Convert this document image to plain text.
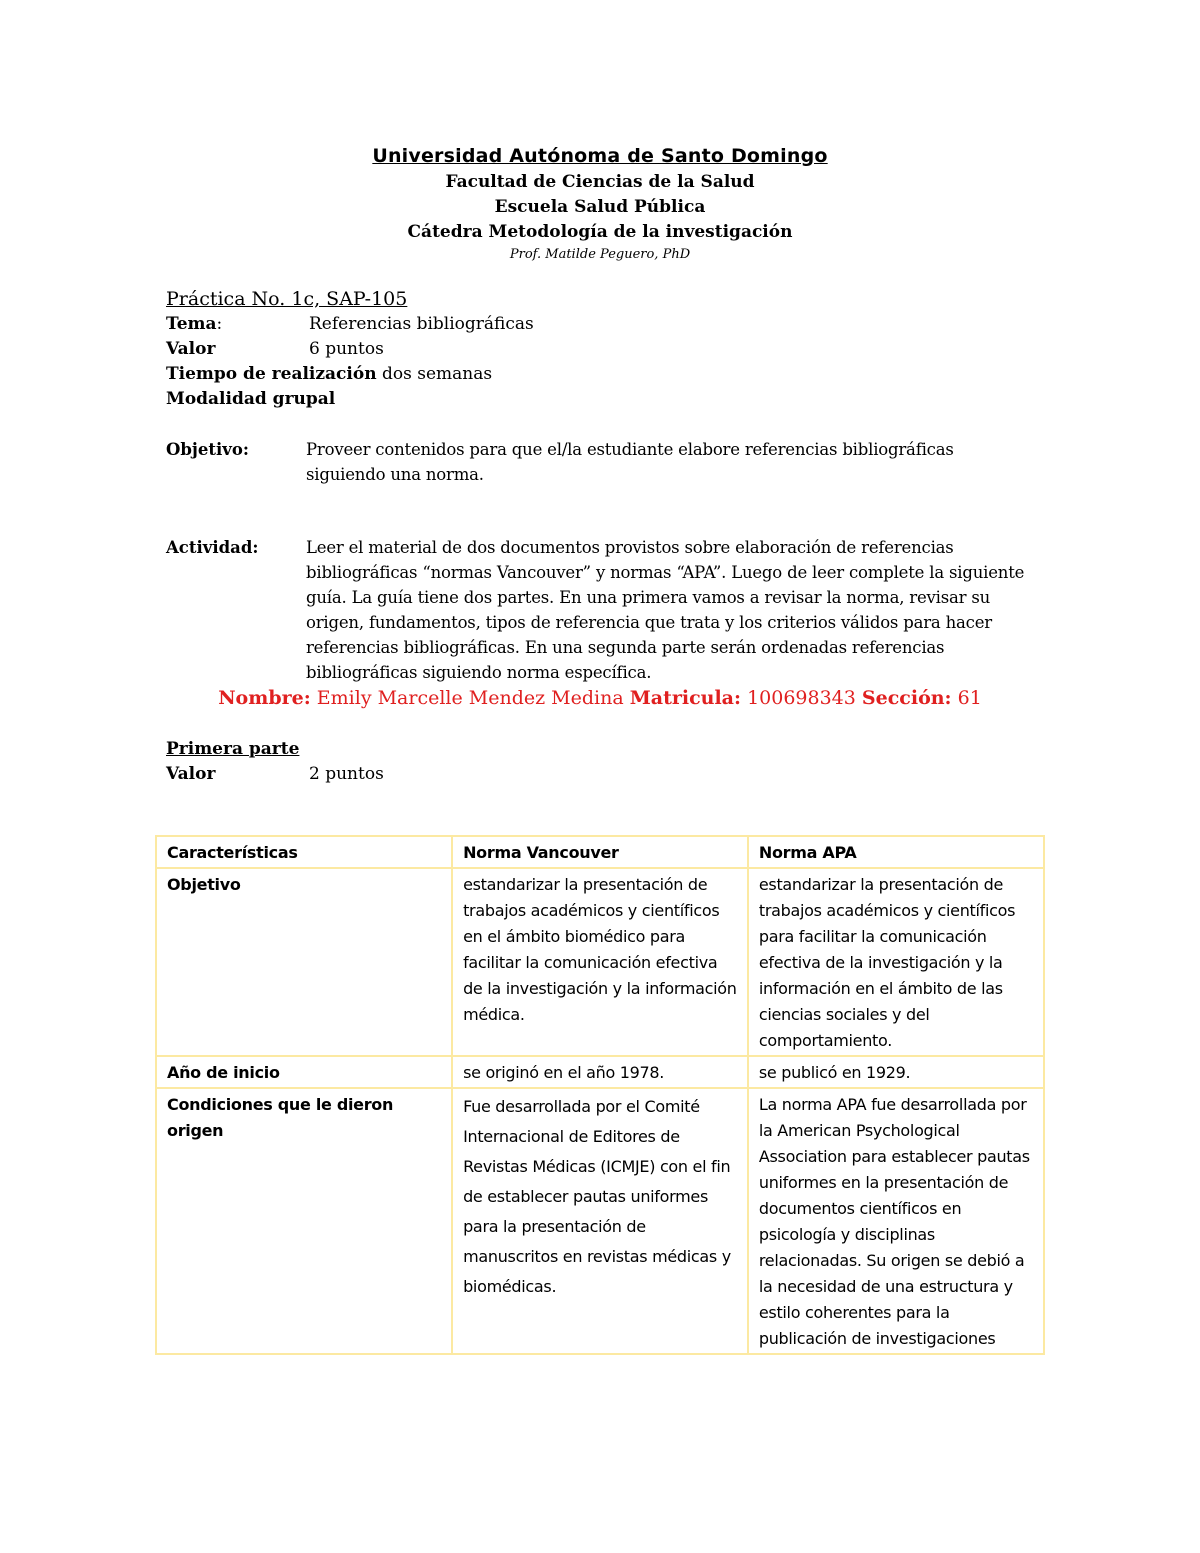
Universidad Autónoma de Santo Domingo
Facultad de Ciencias de la Salud
Escuela Salud Pública
Cátedra Metodología de la investigación
Prof. Matilde Peguero, PhD
Práctica No. 1c, SAP-105
Tema:	Referencias bibliográficas
Valor	6 puntos
Tiempo de realización
dos semanas
Modalidad grupal
Objetivo:	Proveer contenidos para que el/la estudiante elabore referencias bibliográficas siguiendo una norma.
Actividad:	Leer el material de dos documentos provistos sobre elaboración de referencias bibliográficas “normas Vancouver” y normas “APA”. Luego de leer complete la siguiente guía. La guía tiene dos partes. En una primera vamos a revisar la norma, revisar su origen, fundamentos, tipos de referencia que trata y los criterios válidos para hacer referencias bibliográficas. En una segunda parte serán ordenadas referencias bibliográficas siguiendo norma específica.
Nombre: Emily Marcelle Mendez Medina Matricula: 100698343 Sección: 61
Primera parte
Valor	2 puntos
Características	Norma Vancouver	Norma APA
Objetivo	estandarizar la presentación de trabajos académicos y científicos en el ámbito biomédico para facilitar la comunicación efectiva de la investigación y la información médica.	estandarizar la presentación de trabajos académicos y científicos para facilitar la comunicación efectiva de la investigación y la información en el ámbito de las ciencias sociales y del comportamiento.
Año de inicio	se originó en el año 1978.	se publicó en 1929.
Condiciones que le dieron origen	Fue desarrollada por el Comité Internacional de Editores de Revistas Médicas (ICMJE) con el fin de establecer pautas uniformes para la presentación de manuscritos en revistas médicas y biomédicas.	La norma APA fue desarrollada por la American Psychological Association para establecer pautas uniformes en la presentación de documentos científicos en psicología y disciplinas relacionadas. Su origen se debió a la necesidad de una estructura y estilo coherentes para la publicación de investigaciones
